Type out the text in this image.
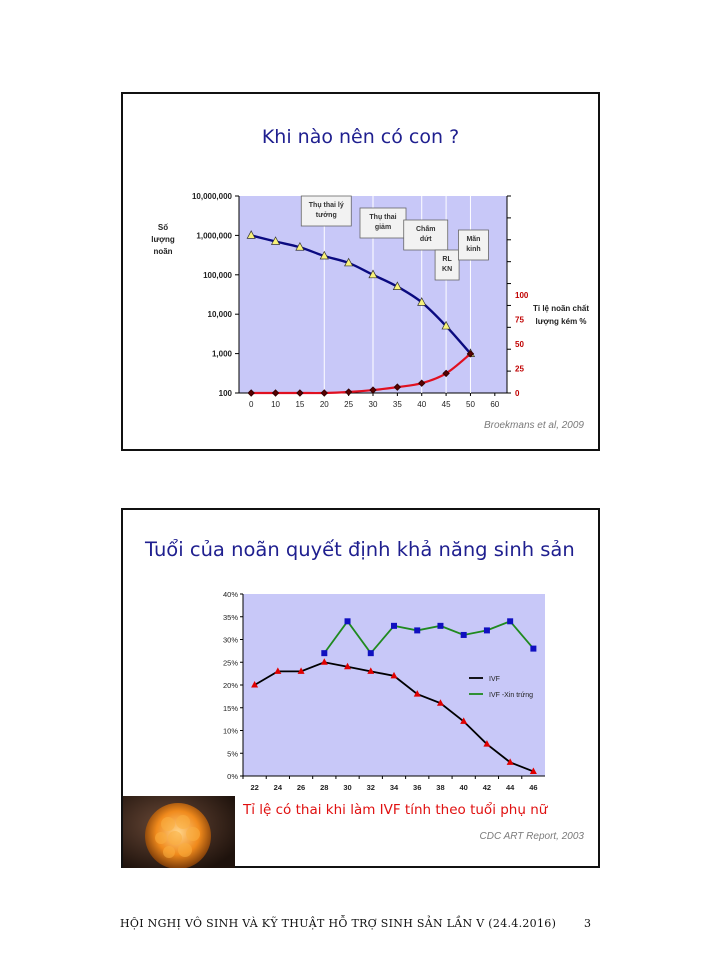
Khi nào nên có con ?
100
1,000
10,000
100,000
1,000,000
10,000,000
0
25
50
75
100
0 10 15 20 25 30 35 40 45 50 60
Thụ thai lý
tưởng	Thụ thai
giảm	Chấm
dứt
RL
KN
Mãn
kinh
Số
lượng
noãn
Tỉ lệ noãn chất
lượng kém %
Broekmans et al, 2009
Tuổi của noãn quyết định khả năng sinh sản
0%
5%
10%
15%
20%
25%
30%
35%
40%
22 24 26 28 30 32 34 36 38 40 42 44 46
IVF
IVF -Xin trứng
Tỉ lệ có thai khi làm IVF tính theo tuổi phụ nữ
CDC ART Report, 2003
HỘI NGHỊ VÔ SINH VÀ KỸ THUẬT HỖ TRỢ SINH SẢN LẦN V (24.4.2016)	3
